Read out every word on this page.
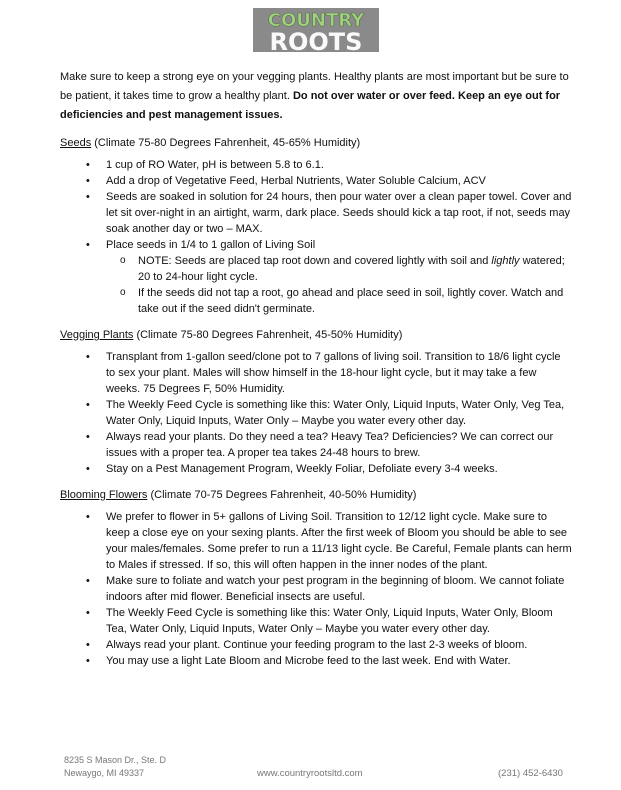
COUNTRY
ROOTS

Make sure to keep a strong eye on your vegging plants. Healthy plants are most important but be sure to be patient, it takes time to grow a healthy plant. Do not over water or over feed. Keep an eye out for deficiencies and pest management issues.

Seeds (Climate 75-80 Degrees Fahrenheit, 45-65% Humidity)

• 1 cup of RO Water, pH is between 5.8 to 6.1.
• Add a drop of Vegetative Feed, Herbal Nutrients, Water Soluble Calcium, ACV
• Seeds are soaked in solution for 24 hours, then pour water over a clean paper towel. Cover and let sit over-night in an airtight, warm, dark place. Seeds should kick a tap root, if not, seeds may soak another day or two – MAX.
• Place seeds in 1/4 to 1 gallon of Living Soil
o NOTE: Seeds are placed tap root down and covered lightly with soil and lightly watered; 20 to 24-hour light cycle.
o If the seeds did not tap a root, go ahead and place seed in soil, lightly cover. Watch and take out if the seed didn't germinate.

Vegging Plants (Climate 75-80 Degrees Fahrenheit, 45-50% Humidity)

• Transplant from 1-gallon seed/clone pot to 7 gallons of living soil. Transition to 18/6 light cycle to sex your plant. Males will show himself in the 18-hour light cycle, but it may take a few weeks. 75 Degrees F, 50% Humidity.
• The Weekly Feed Cycle is something like this: Water Only, Liquid Inputs, Water Only, Veg Tea, Water Only, Liquid Inputs, Water Only – Maybe you water every other day.
• Always read your plants. Do they need a tea? Heavy Tea? Deficiencies? We can correct our issues with a proper tea. A proper tea takes 24-48 hours to brew.
• Stay on a Pest Management Program, Weekly Foliar, Defoliate every 3-4 weeks.

Blooming Flowers (Climate 70-75 Degrees Fahrenheit, 40-50% Humidity)

• We prefer to flower in 5+ gallons of Living Soil. Transition to 12/12 light cycle. Make sure to keep a close eye on your sexing plants. After the first week of Bloom you should be able to see your males/females. Some prefer to run a 11/13 light cycle. Be Careful, Female plants can herm to Males if stressed. If so, this will often happen in the inner nodes of the plant.
• Make sure to foliate and watch your pest program in the beginning of bloom. We cannot foliate indoors after mid flower. Beneficial insects are useful.
• The Weekly Feed Cycle is something like this: Water Only, Liquid Inputs, Water Only, Bloom Tea, Water Only, Liquid Inputs, Water Only – Maybe you water every other day.
• Always read your plant. Continue your feeding program to the last 2-3 weeks of bloom.
• You may use a light Late Bloom and Microbe feed to the last week. End with Water.
8235 S Mason Dr., Ste. D
Newaygo, MI 49337	www.countryrootsltd.com	(231) 452-6430
